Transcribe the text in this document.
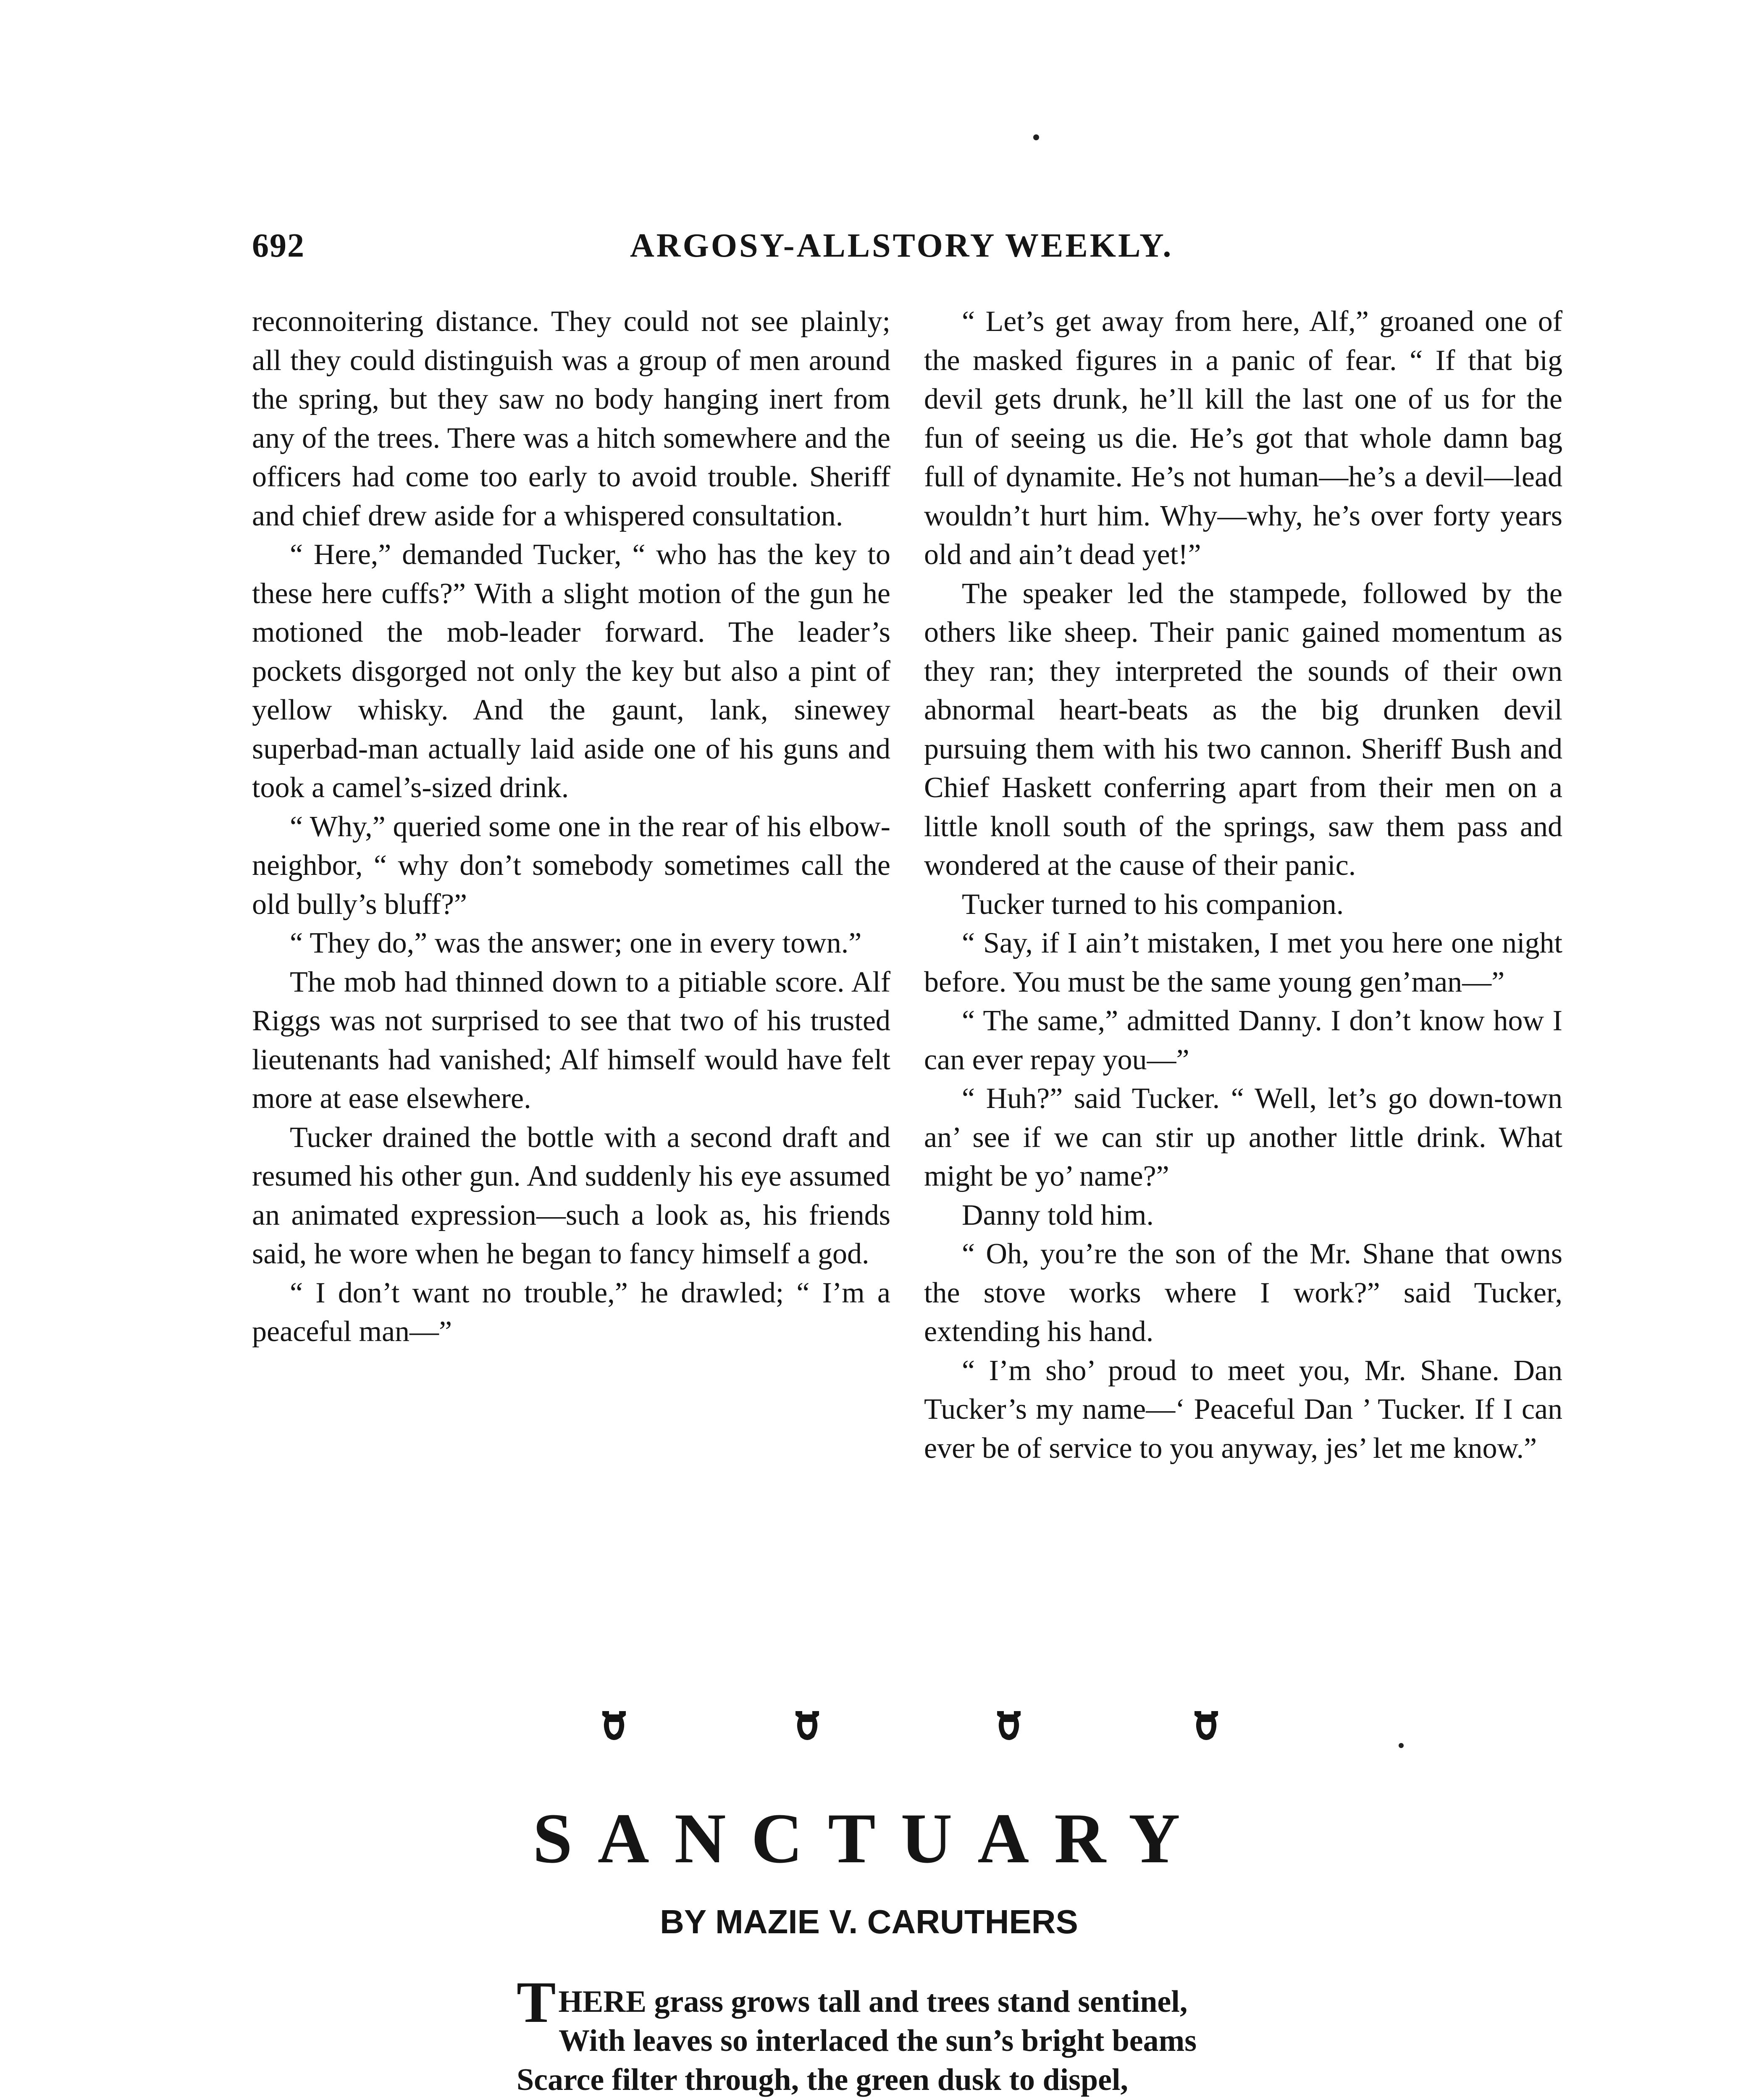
692	ARGOSY-ALLSTORY WEEKLY.

reconnoitering distance. They could not see plainly; all they could distinguish was a group of men around the spring, but they saw no body hanging inert from any of the trees. There was a hitch somewhere and the officers had come too early to avoid trouble. Sheriff and chief drew aside for a whispered consultation.

“ Here,” demanded Tucker, “ who has the key to these here cuffs?” With a slight motion of the gun he motioned the mob-leader forward. The leader’s pockets disgorged not only the key but also a pint of yellow whisky. And the gaunt, lank, sinewey superbad-man actually laid aside one of his guns and took a camel’s-sized drink.

“ Why,” queried some one in the rear of his elbow-neighbor, “ why don’t somebody sometimes call the old bully’s bluff?”

“ They do,” was the answer; one in every town.”

The mob had thinned down to a pitiable score. Alf Riggs was not surprised to see that two of his trusted lieutenants had vanished; Alf himself would have felt more at ease elsewhere.

Tucker drained the bottle with a second draft and resumed his other gun. And suddenly his eye assumed an animated expression—such a look as, his friends said, he wore when he began to fancy himself a god.

“ I don’t want no trouble,” he drawled; “ I’m a peaceful man—”

“ Let’s get away from here, Alf,” groaned one of the masked figures in a panic of fear. “ If that big devil gets drunk, he’ll kill the last one of us for the fun of seeing us die. He’s got that whole damn bag full of dynamite. He’s not human—he’s a devil—lead wouldn’t hurt him. Why—why, he’s over forty years old and ain’t dead yet!”

The speaker led the stampede, followed by the others like sheep. Their panic gained momentum as they ran; they interpreted the sounds of their own abnormal heart-beats as the big drunken devil pursuing them with his two cannon. Sheriff Bush and Chief Haskett conferring apart from their men on a little knoll south of the springs, saw them pass and wondered at the cause of their panic.

Tucker turned to his companion.

“ Say, if I ain’t mistaken, I met you here one night before. You must be the same young gen’man—”

“ The same,” admitted Danny. I don’t know how I can ever repay you—”

“ Huh?” said Tucker. “ Well, let’s go down-town an’ see if we can stir up another little drink. What might be yo’ name?”

Danny told him.

“ Oh, you’re the son of the Mr. Shane that owns the stove works where I work?” said Tucker, extending his hand.

“ I’m sho’ proud to meet you, Mr. Shane. Dan Tucker’s my name—‘ Peaceful Dan ’ Tucker. If I can ever be of service to you anyway, jes’ let me know.”

SANCTUARY
BY MAZIE V. CARUTHERS
THERE grass grows tall and trees stand sentinel,
With leaves so interlaced the sun’s bright beams
Scarce filter through, the green dusk to dispel,
